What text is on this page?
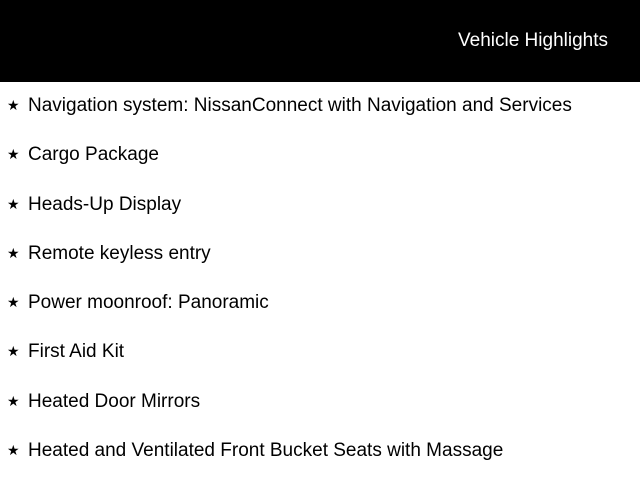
Vehicle Highlights
★ Navigation system: NissanConnect with Navigation and Services
★ Cargo Package
★ Heads-Up Display
★ Remote keyless entry
★ Power moonroof: Panoramic
★ First Aid Kit
★ Heated Door Mirrors
★ Heated and Ventilated Front Bucket Seats with Massage
